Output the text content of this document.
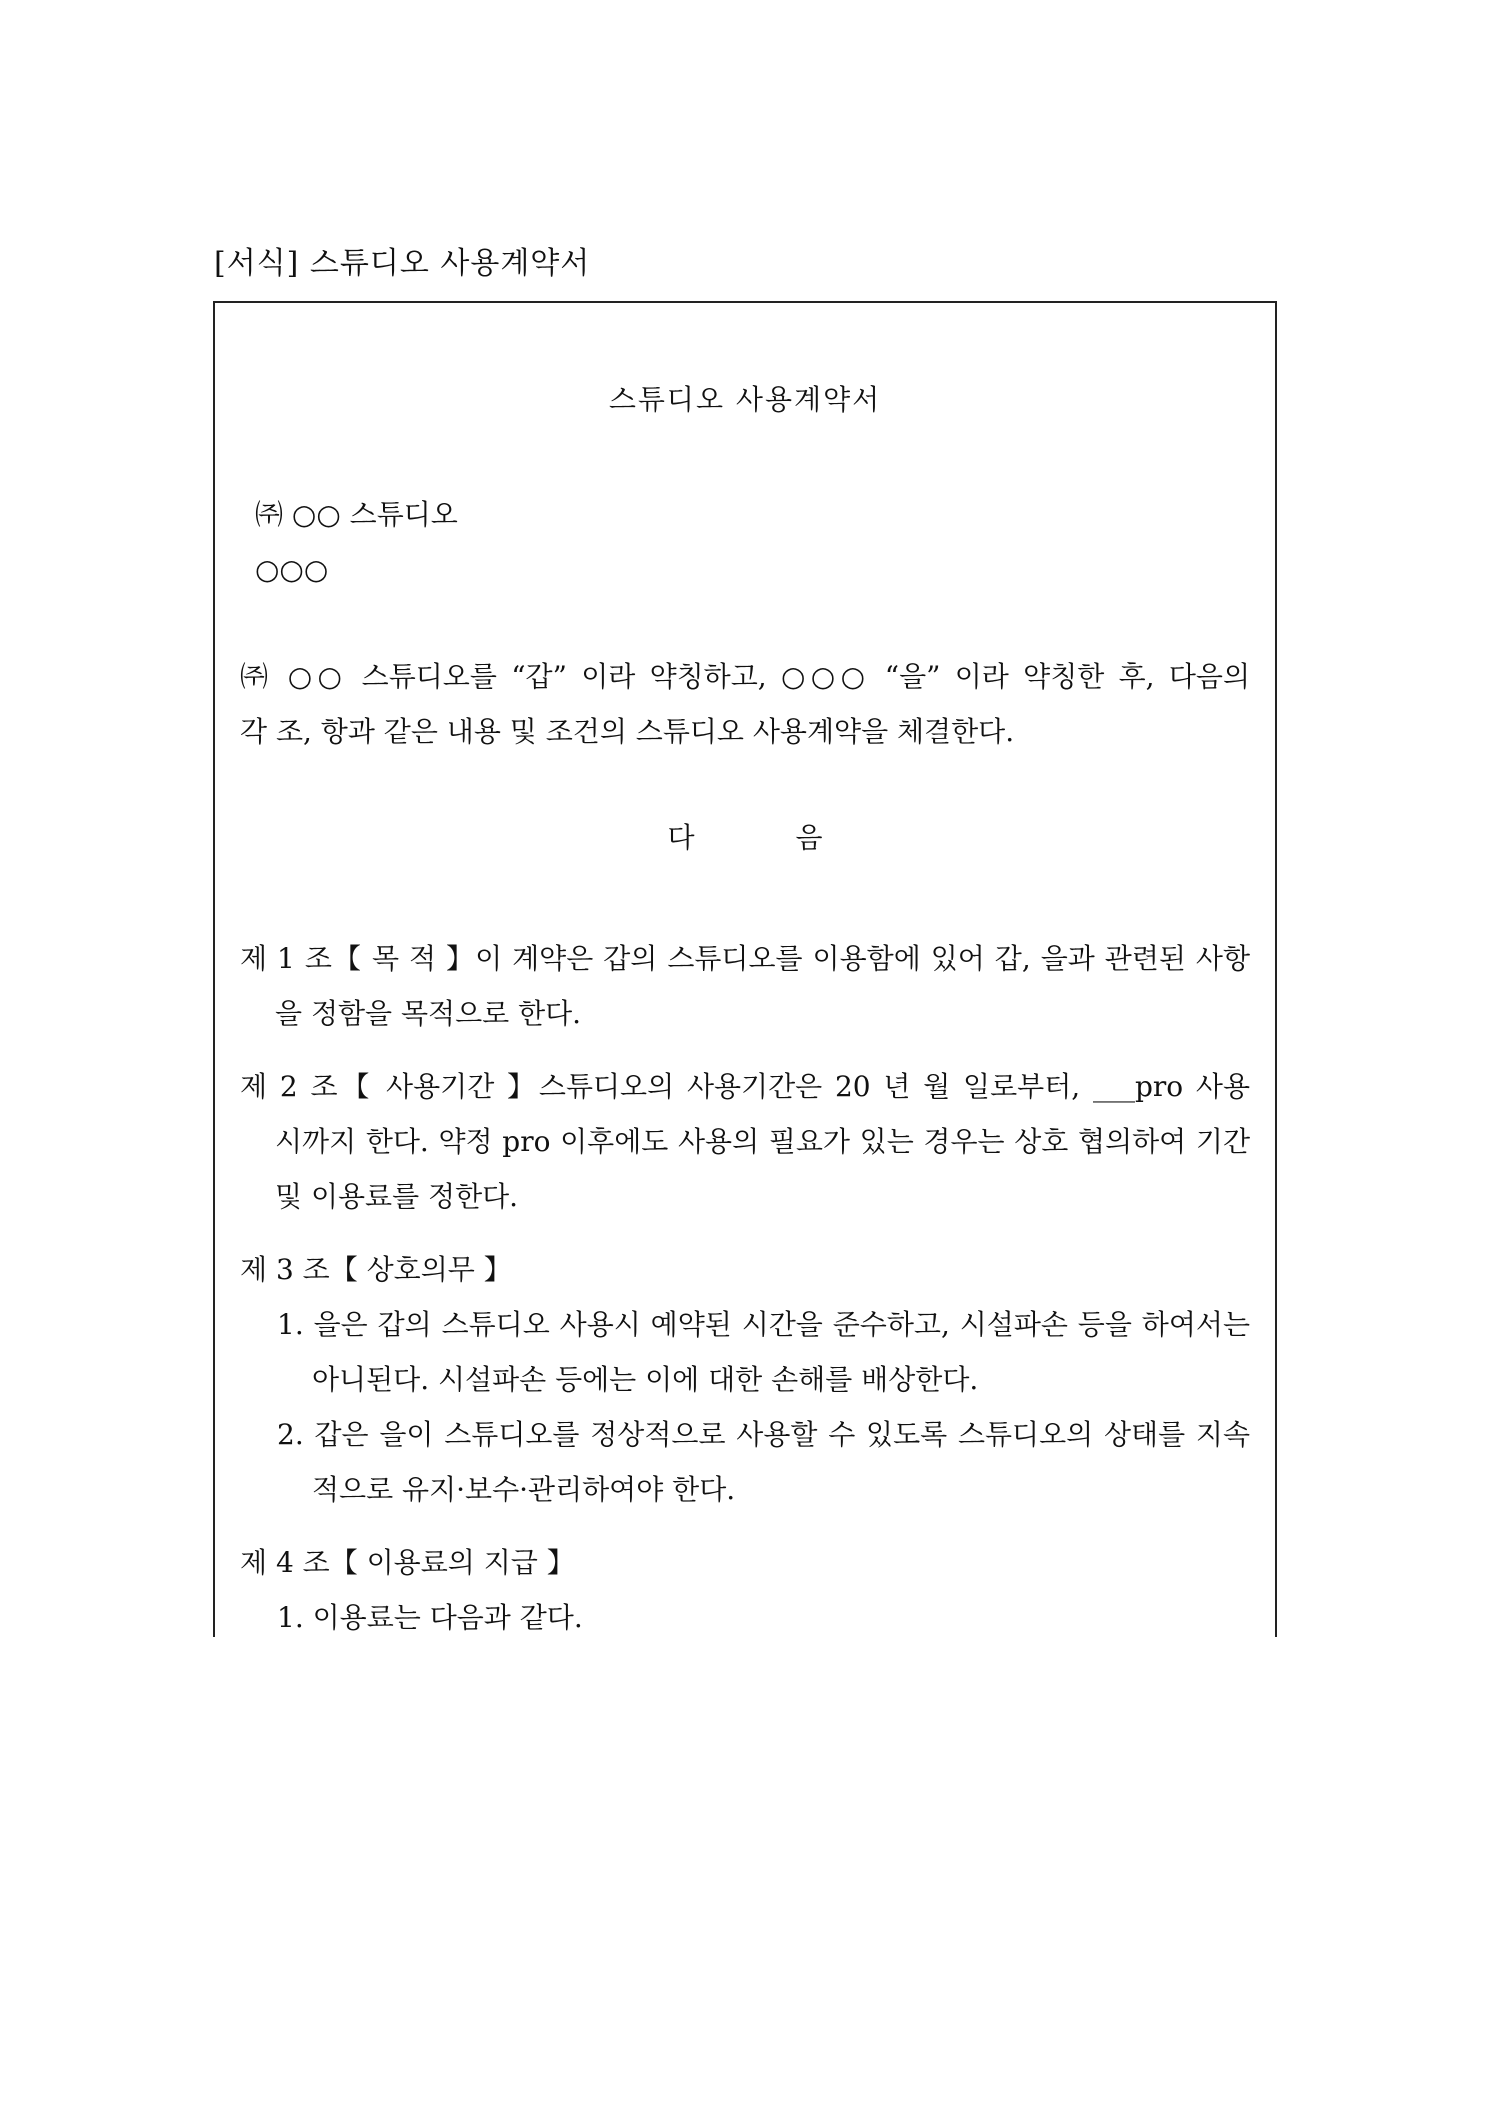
[서식] 스튜디오 사용계약서
스튜디오 사용계약서
㈜ ○○ 스튜디오
○○○
㈜ ○○ 스튜디오를 “갑” 이라 약칭하고, ○○○ “을” 이라 약칭한 후, 다음의
각 조, 항과 같은 내용 및 조건의 스튜디오 사용계약을 체결한다.
다 음
제 1 조【 목 적 】이 계약은 갑의 스튜디오를 이용함에 있어 갑, 을과 관련된 사항
을 정함을 목적으로 한다.
제 2 조【 사용기간 】스튜디오의 사용기간은 20 년 월 일로부터, ___pro 사용
시까지 한다. 약정 pro 이후에도 사용의 필요가 있는 경우는 상호 협의하여 기간
및 이용료를 정한다.
제 3 조【 상호의무 】
1. 을은 갑의 스튜디오 사용시 예약된 시간을 준수하고, 시설파손 등을 하여서는
아니된다. 시설파손 등에는 이에 대한 손해를 배상한다.
2. 갑은 을이 스튜디오를 정상적으로 사용할 수 있도록 스튜디오의 상태를 지속
적으로 유지·보수·관리하여야 한다.
제 4 조【 이용료의 지급 】
1. 이용료는 다음과 같다.
